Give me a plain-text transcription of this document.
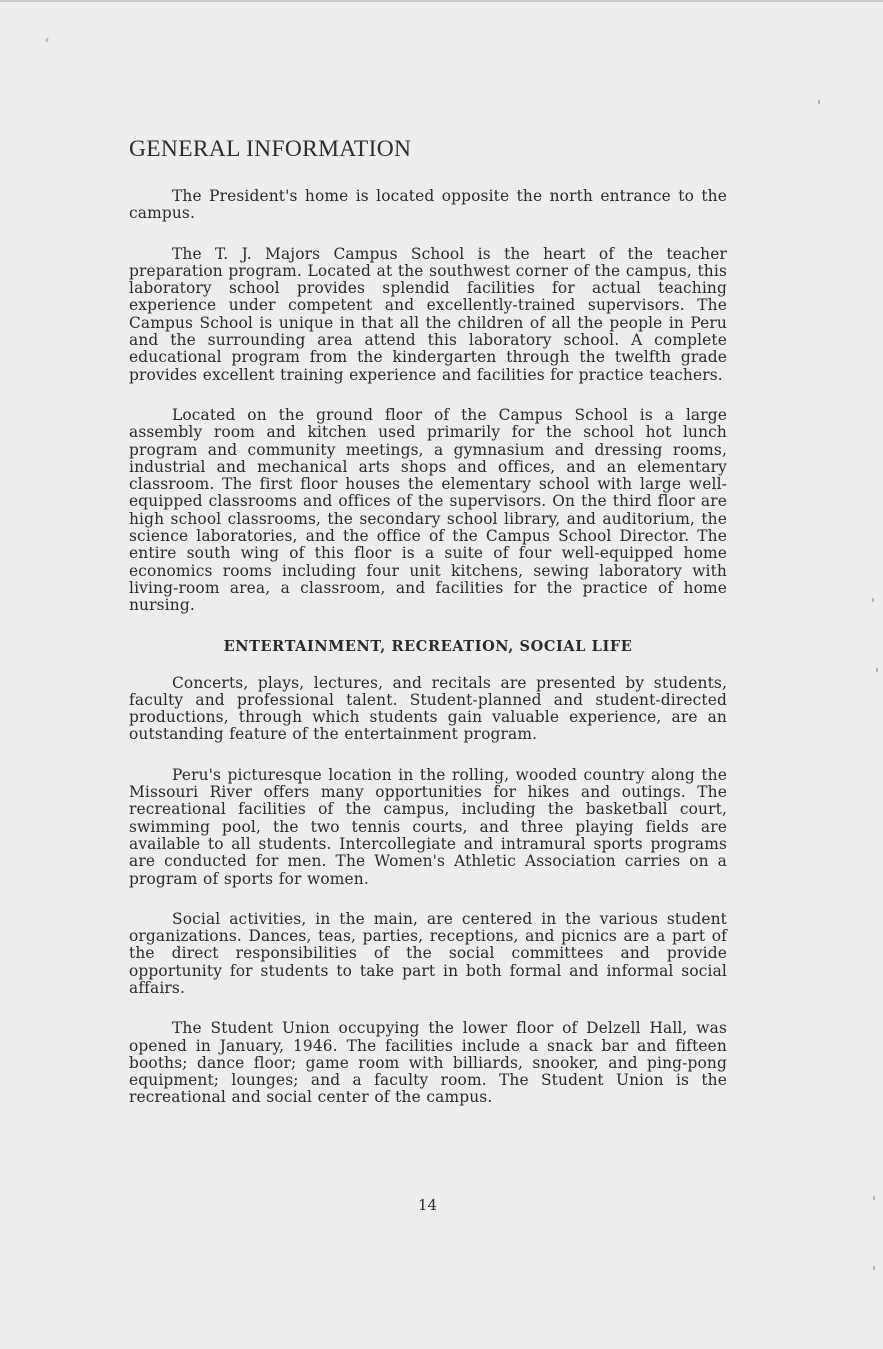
GENERAL INFORMATION

The President's home is located opposite the north entrance to the campus.

The T. J. Majors Campus School is the heart of the teacher preparation program. Located at the southwest corner of the campus, this laboratory school provides splendid facilities for actual teaching experience under competent and excellently-trained supervisors. The Campus School is unique in that all the children of all the people in Peru and the surrounding area attend this laboratory school. A complete educational program from the kindergarten through the twelfth grade provides excellent training experience and facilities for practice teachers.

Located on the ground floor of the Campus School is a large assembly room and kitchen used primarily for the school hot lunch program and community meetings, a gymnasium and dressing rooms, industrial and mechanical arts shops and offices, and an elementary classroom. The first floor houses the elementary school with large well-equipped classrooms and offices of the supervisors. On the third floor are high school classrooms, the secondary school library, and auditorium, the science laboratories, and the office of the Campus School Director. The entire south wing of this floor is a suite of four well-equipped home economics rooms including four unit kitchens, sewing laboratory with living-room area, a classroom, and facilities for the practice of home nursing.

ENTERTAINMENT, RECREATION, SOCIAL LIFE

Concerts, plays, lectures, and recitals are presented by students, faculty and professional talent. Student-planned and student-directed productions, through which students gain valuable experience, are an outstanding feature of the entertainment program.

Peru's picturesque location in the rolling, wooded country along the Missouri River offers many opportunities for hikes and outings. The recreational facilities of the campus, including the basketball court, swimming pool, the two tennis courts, and three playing fields are available to all students. Intercollegiate and intramural sports programs are conducted for men. The Women's Athletic Association carries on a program of sports for women.

Social activities, in the main, are centered in the various student organizations. Dances, teas, parties, receptions, and picnics are a part of the direct responsibilities of the social committees and provide opportunity for students to take part in both formal and informal social affairs.

The Student Union occupying the lower floor of Delzell Hall, was opened in January, 1946. The facilities include a snack bar and fifteen booths; dance floor; game room with billiards, snooker, and ping-pong equipment; lounges; and a faculty room. The Student Union is the recreational and social center of the campus.

14
